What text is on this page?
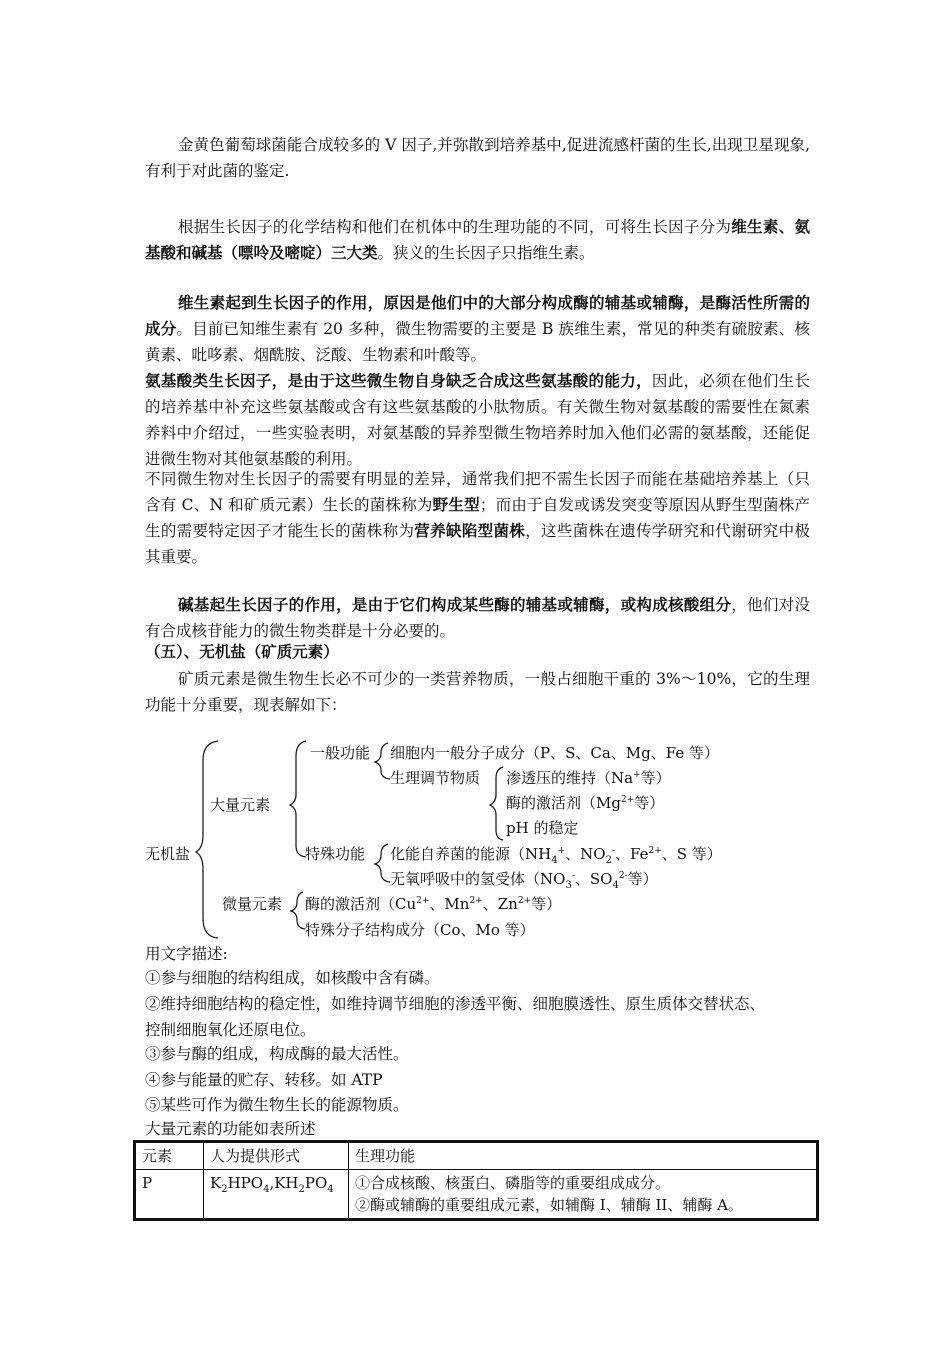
金黄色葡萄球菌能合成较多的 V 因子,并弥散到培养基中,促进流感杆菌的生长,出现卫星现象,有利于对此菌的鉴定.

根据生长因子的化学结构和他们在机体中的生理功能的不同，可将生长因子分为维生素、氨基酸和碱基（嘌呤及嘧啶）三大类。狭义的生长因子只指维生素。

维生素起到生长因子的作用，原因是他们中的大部分构成酶的辅基或辅酶，是酶活性所需的成分。目前已知维生素有 20 多种，微生物需要的主要是 B 族维生素，常见的种类有硫胺素、核黄素、吡哆素、烟酰胺、泛酸、生物素和叶酸等。

氨基酸类生长因子，是由于这些微生物自身缺乏合成这些氨基酸的能力，因此，必须在他们生长的培养基中补充这些氨基酸或含有这些氨基酸的小肽物质。有关微生物对氨基酸的需要性在氮素养料中介绍过，一些实验表明，对氨基酸的异养型微生物培养时加入他们必需的氨基酸，还能促进微生物对其他氨基酸的利用。

不同微生物对生长因子的需要有明显的差异，通常我们把不需生长因子而能在基础培养基上（只含有 C、N 和矿质元素）生长的菌株称为野生型；而由于自发或诱发突变等原因从野生型菌株产生的需要特定因子才能生长的菌株称为营养缺陷型菌株，这些菌株在遗传学研究和代谢研究中极其重要。

碱基起生长因子的作用，是由于它们构成某些酶的辅基或辅酶，或构成核酸组分，他们对没有合成核苷能力的微生物类群是十分必要的。

（五）、无机盐（矿质元素）

矿质元素是微生物生长必不可少的一类营养物质，一般占细胞干重的 3%～10%，它的生理功能十分重要，现表解如下：

无机盐
大量元素
一般功能 细胞内一般分子成分（P、S、Ca、Mg、Fe 等）
生理调节物质 渗透压的维持（Na+等）
酶的激活剂（$Mg^{2+}$等）
pH 的稳定
特殊功能 化能自养菌的能源（$NH_4^+$、$NO_2^-$、$Fe^{2+}$、S 等）
无氧呼吸中的氢受体（$NO_3^-$、$SO_4^{2-}$等）
微量元素 酶的激活剂（$Cu^{2+}$、$Mn^{2+}$、$Zn^{2+}$等）
特殊分子结构成分（Co、Mo 等）
用文字描述:
①参与细胞的结构组成，如核酸中含有磷。
②维持细胞结构的稳定性，如维持调节细胞的渗透平衡、细胞膜透性、原生质体交替状态、
控制细胞氧化还原电位。
③参与酶的组成，构成酶的最大活性。
④参与能量的贮存、转移。如 ATP
⑤某些可作为微生物生长的能源物质。
大量元素的功能如表所述
元素	人为提供形式	生理功能
P	$K_2HPO_4,KH_2PO_4$	①合成核酸、核蛋白、磷脂等的重要组成成分。
②酶或辅酶的重要组成元素，如辅酶 I、辅酶 II、辅酶 A。
